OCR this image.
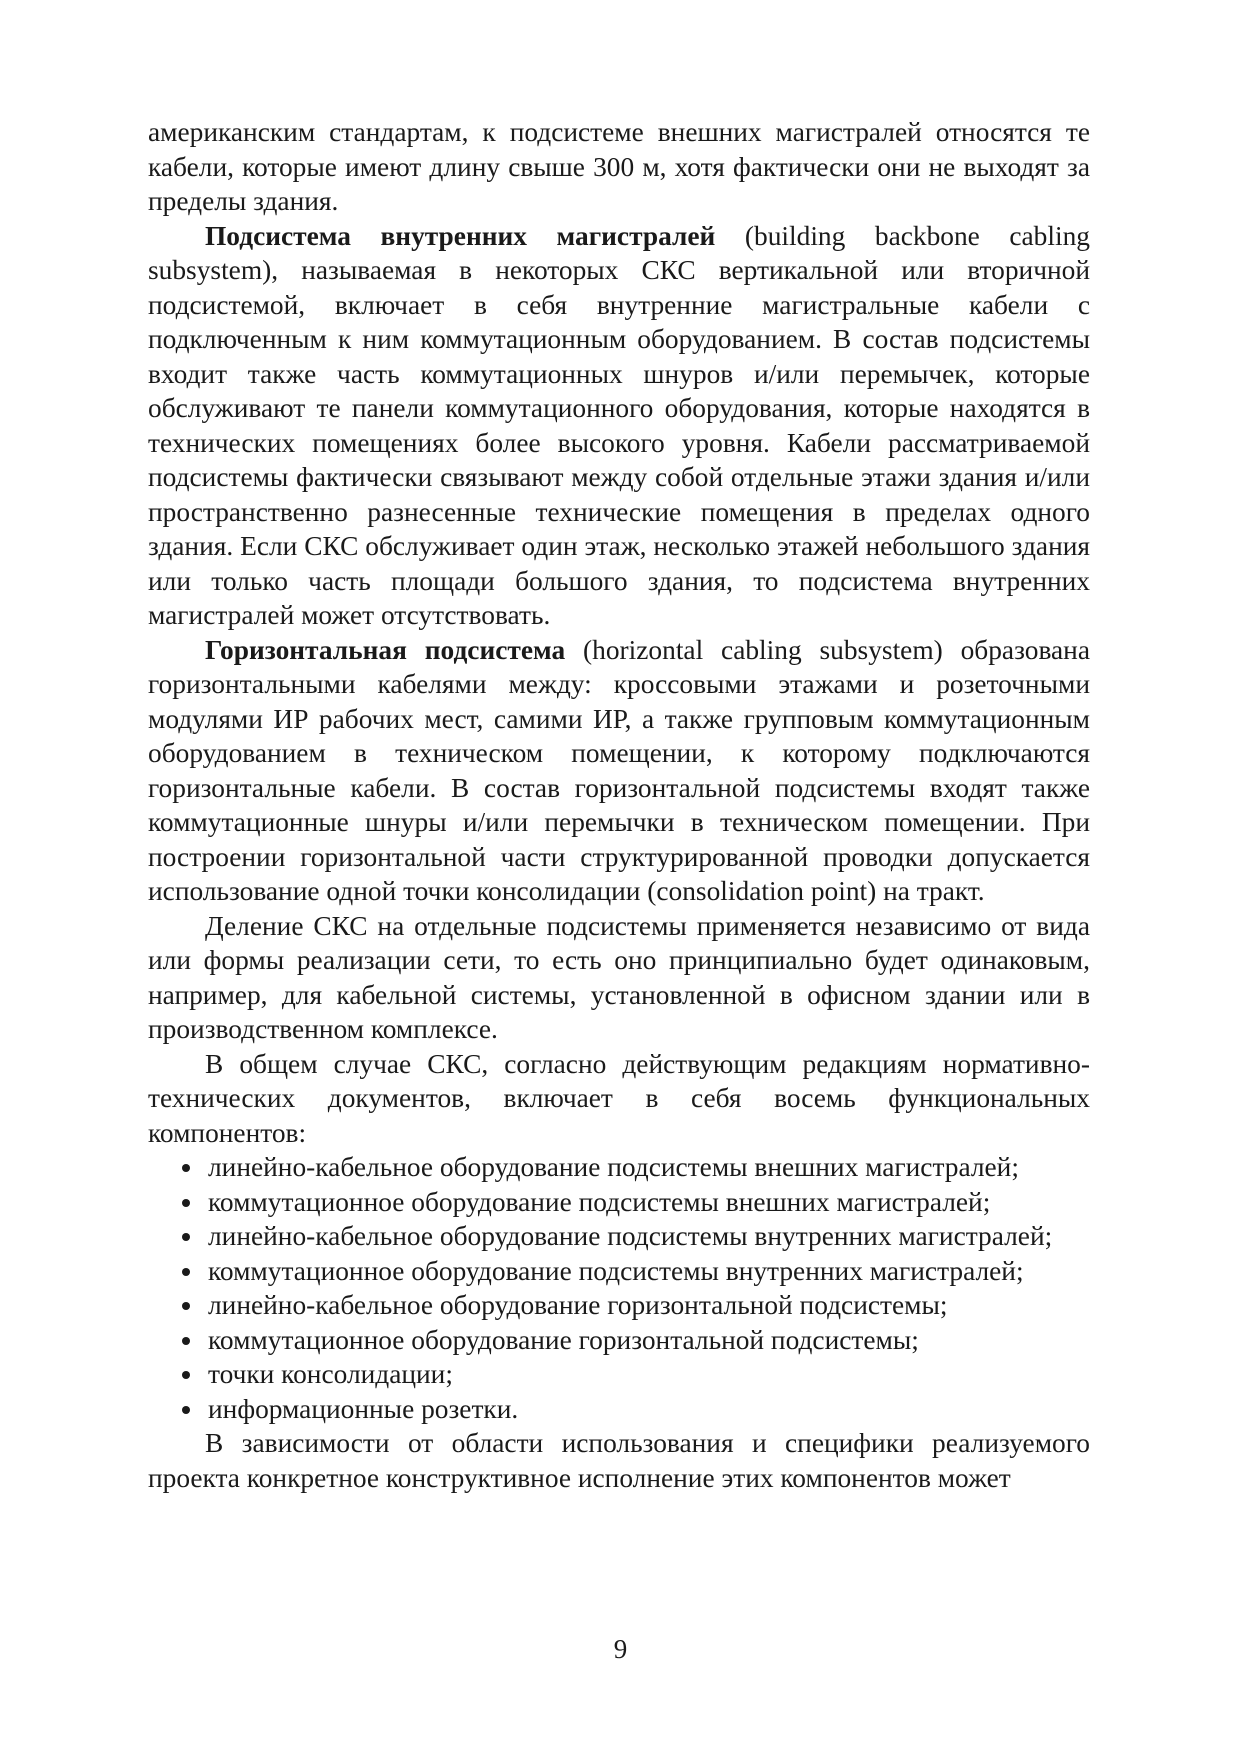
американским стандартам, к подсистеме внешних магистралей относятся те кабели, которые имеют длину свыше 300 м, хотя фактически они не выходят за пределы здания.

Подсистема внутренних магистралей (building backbone cabling subsystem), называемая в некоторых СКС вертикальной или вторичной подсистемой, включает в себя внутренние магистральные кабели с подключенным к ним коммутационным оборудованием. В состав подсистемы входит также часть коммутационных шнуров и/или перемычек, которые обслуживают те панели коммутационного оборудования, которые находятся в технических помещениях более высокого уровня. Кабели рассматриваемой подсистемы фактически связывают между собой отдельные этажи здания и/или пространственно разнесенные технические помещения в пределах одного здания. Если СКС обслуживает один этаж, несколько этажей небольшого здания или только часть площади большого здания, то подсистема внутренних магистралей может отсутствовать.

Горизонтальная подсистема (horizontal cabling subsystem) образована горизонтальными кабелями между: кроссовыми этажами и розеточными модулями ИР рабочих мест, самими ИР, а также групповым коммутационным оборудованием в техническом помещении, к которому подключаются горизонтальные кабели. В состав горизонтальной подсистемы входят также коммутационные шнуры и/или перемычки в техническом помещении. При построении горизонтальной части структурированной проводки допускается использование одной точки консолидации (consolidation point) на тракт.

Деление СКС на отдельные подсистемы применяется независимо от вида или формы реализации сети, то есть оно принципиально будет одинаковым, например, для кабельной системы, установленной в офисном здании или в производственном комплексе.

В общем случае СКС, согласно действующим редакциям нормативно-технических документов, включает в себя восемь функциональных компонентов:

линейно-кабельное оборудование подсистемы внешних магистралей;
коммутационное оборудование подсистемы внешних магистралей;
линейно-кабельное оборудование подсистемы внутренних магистралей;
коммутационное оборудование подсистемы внутренних магистралей;
линейно-кабельное оборудование горизонтальной подсистемы;
коммутационное оборудование горизонтальной подсистемы;
точки консолидации;
информационные розетки.

В зависимости от области использования и специфики реализуемого проекта конкретное конструктивное исполнение этих компонентов может

9
